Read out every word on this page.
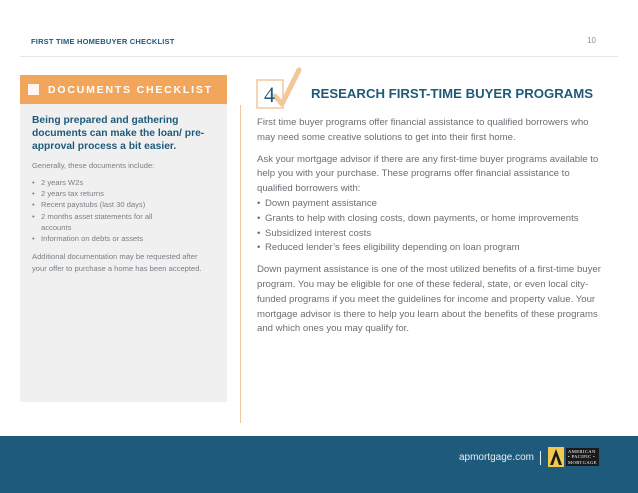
FIRST TIME HOMEBUYER CHECKLIST	10
DOCUMENTS CHECKLIST

Being prepared and gathering documents can make the loan/ pre-approval process a bit easier.

Generally, these documents include:

• 2 years W2s
• 2 years tax returns
• Recent paystubs (last 30 days)
• 2 months asset statements for all accounts
• Information on debts or assets

Additional documentation may be requested after your offer to purchase a home has been accepted.

4	RESEARCH FIRST-TIME BUYER PROGRAMS

First time buyer programs offer financial assistance to qualified borrowers who may need some creative solutions to get into their first home.

Ask your mortgage advisor if there are any first-time buyer programs available to help you with your purchase. These programs offer financial assistance to qualified borrowers with:

• Down payment assistance
• Grants to help with closing costs, down payments, or home improvements
• Subsidized interest costs
• Reduced lender’s fees eligibility depending on loan program

Down payment assistance is one of the most utilized benefits of a first-time buyer program. You may be eligible for one of these federal, state, or even local city-funded programs if you meet the guidelines for income and property value. Your mortgage advisor is there to help you learn about the benefits of these programs and which ones you may qualify for.

apmortgage.com
AMERICAN
• PACIFIC •
MORTGAGE
